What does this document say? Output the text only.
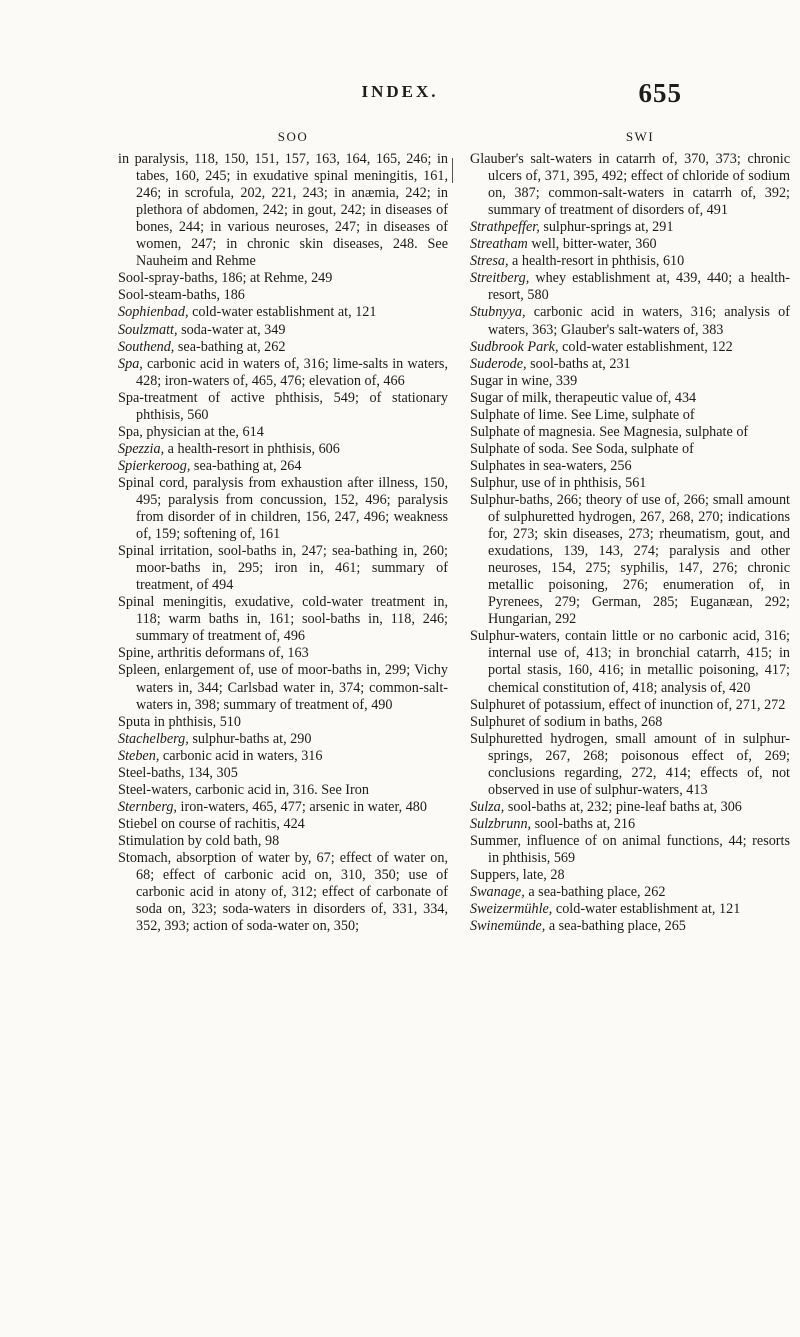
INDEX.	655
SOO
in paralysis, 118, 150, 151, 157, 163, 164, 165, 246; in tabes, 160, 245; in exudative spinal meningitis, 161, 246; in scrofula, 202, 221, 243; in anæmia, 242; in plethora of abdomen, 242; in gout, 242; in diseases of bones, 244; in various neuroses, 247; in diseases of women, 247; in chronic skin diseases, 248. See Nauheim and Rehme
Sool-spray-baths, 186; at Rehme, 249
Sool-steam-baths, 186
Sophienbad, cold-water establishment at, 121
Soulzmatt, soda-water at, 349
Southend, sea-bathing at, 262
Spa, carbonic acid in waters of, 316; lime-salts in waters, 428; iron-waters of, 465, 476; elevation of, 466
Spa-treatment of active phthisis, 549; of stationary phthisis, 560
Spa, physician at the, 614
Spezzia, a health-resort in phthisis, 606
Spierkeroog, sea-bathing at, 264
Spinal cord, paralysis from exhaustion after illness, 150, 495; paralysis from concussion, 152, 496; paralysis from disorder of in children, 156, 247, 496; weakness of, 159; softening of, 161
Spinal irritation, sool-baths in, 247; sea-bathing in, 260; moor-baths in, 295; iron in, 461; summary of treatment, of 494
Spinal meningitis, exudative, cold-water treatment in, 118; warm baths in, 161; sool-baths in, 118, 246; summary of treatment of, 496
Spine, arthritis deformans of, 163
Spleen, enlargement of, use of moor-baths in, 299; Vichy waters in, 344; Carlsbad water in, 374; common-salt-waters in, 398; summary of treatment of, 490
Sputa in phthisis, 510
Stachelberg, sulphur-baths at, 290
Steben, carbonic acid in waters, 316
Steel-baths, 134, 305
Steel-waters, carbonic acid in, 316. See Iron
Sternberg, iron-waters, 465, 477; arsenic in water, 480
Stiebel on course of rachitis, 424
Stimulation by cold bath, 98
Stomach, absorption of water by, 67; effect of water on, 68; effect of carbonic acid on, 310, 350; use of carbonic acid in atony of, 312; effect of carbonate of soda on, 323; soda-waters in disorders of, 331, 334, 352, 393; action of soda-water on, 350;
SWI
Glauber's salt-waters in catarrh of, 370, 373; chronic ulcers of, 371, 395, 492; effect of chloride of sodium on, 387; common-salt-waters in catarrh of, 392; summary of treatment of disorders of, 491
Strathpeffer, sulphur-springs at, 291
Streatham well, bitter-water, 360
Stresa, a health-resort in phthisis, 610
Streitberg, whey establishment at, 439, 440; a health-resort, 580
Stubnyya, carbonic acid in waters, 316; analysis of waters, 363; Glauber's salt-waters of, 383
Sudbrook Park, cold-water establishment, 122
Suderode, sool-baths at, 231
Sugar in wine, 339
Sugar of milk, therapeutic value of, 434
Sulphate of lime. See Lime, sulphate of
Sulphate of magnesia. See Magnesia, sulphate of
Sulphate of soda. See Soda, sulphate of
Sulphates in sea-waters, 256
Sulphur, use of in phthisis, 561
Sulphur-baths, 266; theory of use of, 266; small amount of sulphuretted hydrogen, 267, 268, 270; indications for, 273; skin diseases, 273; rheumatism, gout, and exudations, 139, 143, 274; paralysis and other neuroses, 154, 275; syphilis, 147, 276; chronic metallic poisoning, 276; enumeration of, in Pyrenees, 279; German, 285; Euganæan, 292; Hungarian, 292
Sulphur-waters, contain little or no carbonic acid, 316; internal use of, 413; in bronchial catarrh, 415; in portal stasis, 160, 416; in metallic poisoning, 417; chemical constitution of, 418; analysis of, 420
Sulphuret of potassium, effect of inunction of, 271, 272
Sulphuret of sodium in baths, 268
Sulphuretted hydrogen, small amount of in sulphur-springs, 267, 268; poisonous effect of, 269; conclusions regarding, 272, 414; effects of, not observed in use of sulphur-waters, 413
Sulza, sool-baths at, 232; pine-leaf baths at, 306
Sulzbrunn, sool-baths at, 216
Summer, influence of on animal functions, 44; resorts in phthisis, 569
Suppers, late, 28
Swanage, a sea-bathing place, 262
Sweizermühle, cold-water establishment at, 121
Swinemünde, a sea-bathing place, 265
